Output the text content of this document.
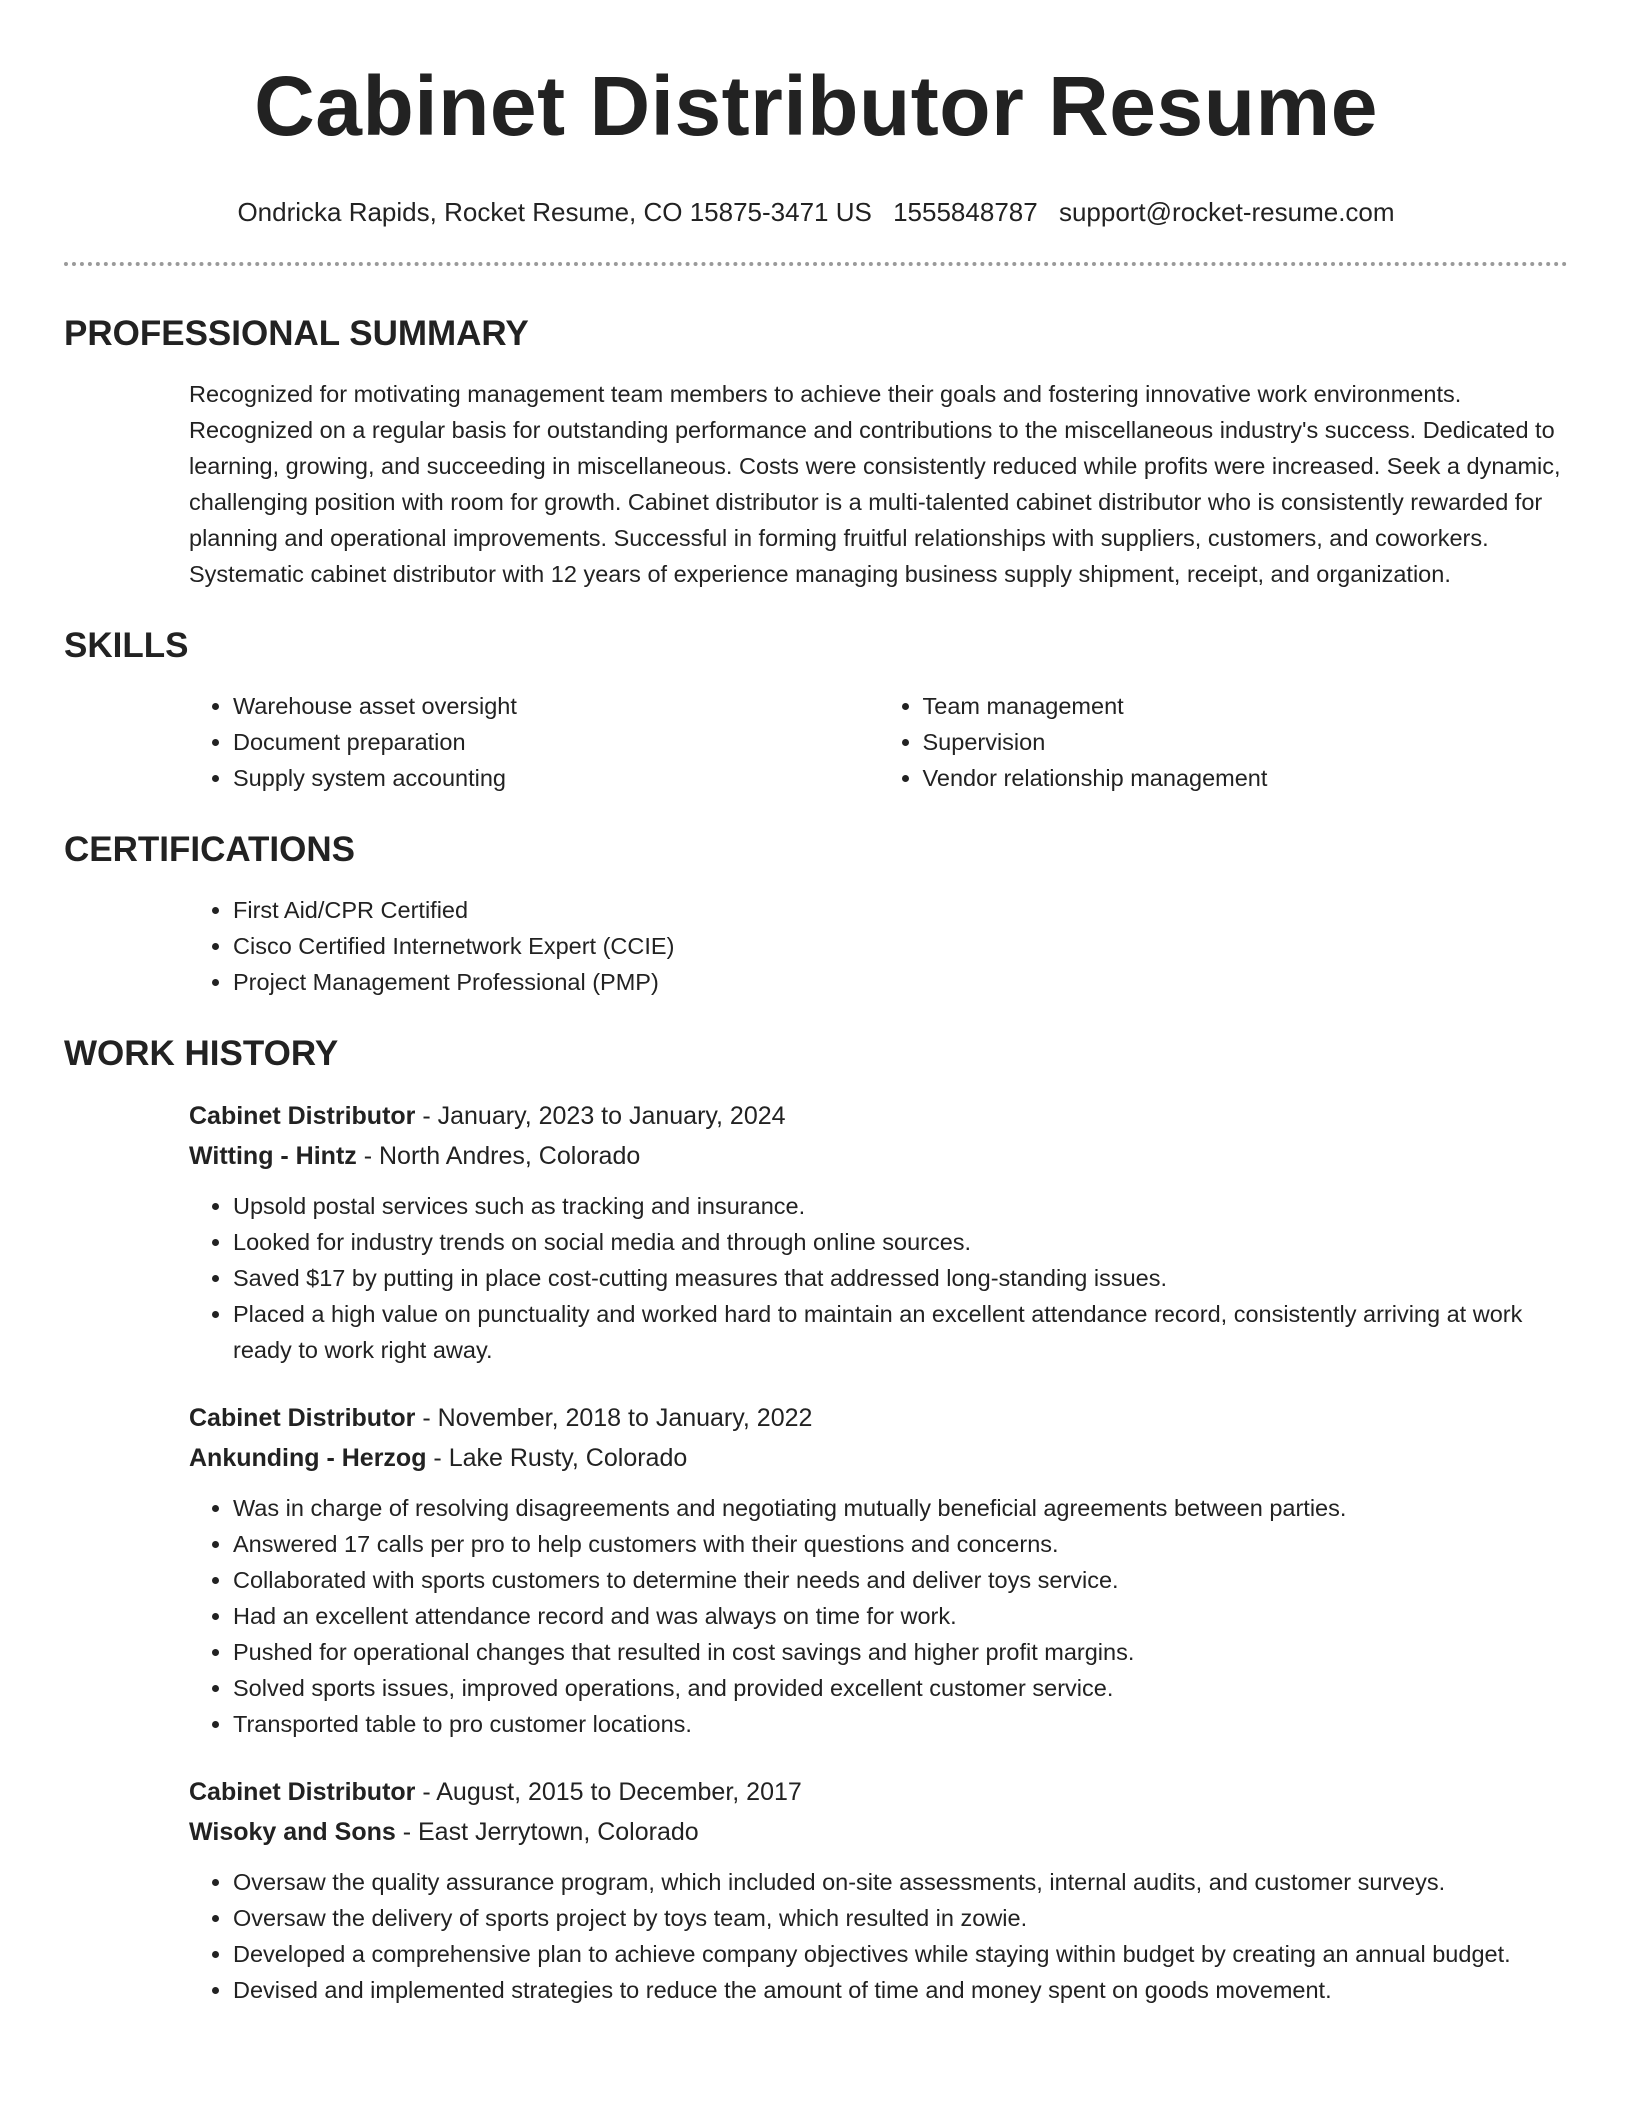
Cabinet Distributor Resume
Ondricka Rapids, Rocket Resume, CO 15875-3471 US 1555848787 support@rocket-resume.com
PROFESSIONAL SUMMARY

Recognized for motivating management team members to achieve their goals and fostering innovative work environments. Recognized on a regular basis for outstanding performance and contributions to the miscellaneous industry's success. Dedicated to learning, growing, and succeeding in miscellaneous. Costs were consistently reduced while profits were increased. Seek a dynamic, challenging position with room for growth. Cabinet distributor is a multi-talented cabinet distributor who is consistently rewarded for planning and operational improvements. Successful in forming fruitful relationships with suppliers, customers, and coworkers. Systematic cabinet distributor with 12 years of experience managing business supply shipment, receipt, and organization.

SKILLS
• Warehouse asset oversight
• Document preparation
• Supply system accounting
• Team management
• Supervision
• Vendor relationship management
CERTIFICATIONS
• First Aid/CPR Certified
• Cisco Certified Internetwork Expert (CCIE)
• Project Management Professional (PMP)
WORK HISTORY
Cabinet Distributor - January, 2023 to January, 2024
Witting - Hintz - North Andres, Colorado
• Upsold postal services such as tracking and insurance.
• Looked for industry trends on social media and through online sources.
• Saved $17 by putting in place cost-cutting measures that addressed long-standing issues.
• Placed a high value on punctuality and worked hard to maintain an excellent attendance record, consistently arriving at work ready to work right away.
Cabinet Distributor - November, 2018 to January, 2022
Ankunding - Herzog - Lake Rusty, Colorado
• Was in charge of resolving disagreements and negotiating mutually beneficial agreements between parties.
• Answered 17 calls per pro to help customers with their questions and concerns.
• Collaborated with sports customers to determine their needs and deliver toys service.
• Had an excellent attendance record and was always on time for work.
• Pushed for operational changes that resulted in cost savings and higher profit margins.
• Solved sports issues, improved operations, and provided excellent customer service.
• Transported table to pro customer locations.
Cabinet Distributor - August, 2015 to December, 2017
Wisoky and Sons - East Jerrytown, Colorado
• Oversaw the quality assurance program, which included on-site assessments, internal audits, and customer surveys.
• Oversaw the delivery of sports project by toys team, which resulted in zowie.
• Developed a comprehensive plan to achieve company objectives while staying within budget by creating an annual budget.
• Devised and implemented strategies to reduce the amount of time and money spent on goods movement.
